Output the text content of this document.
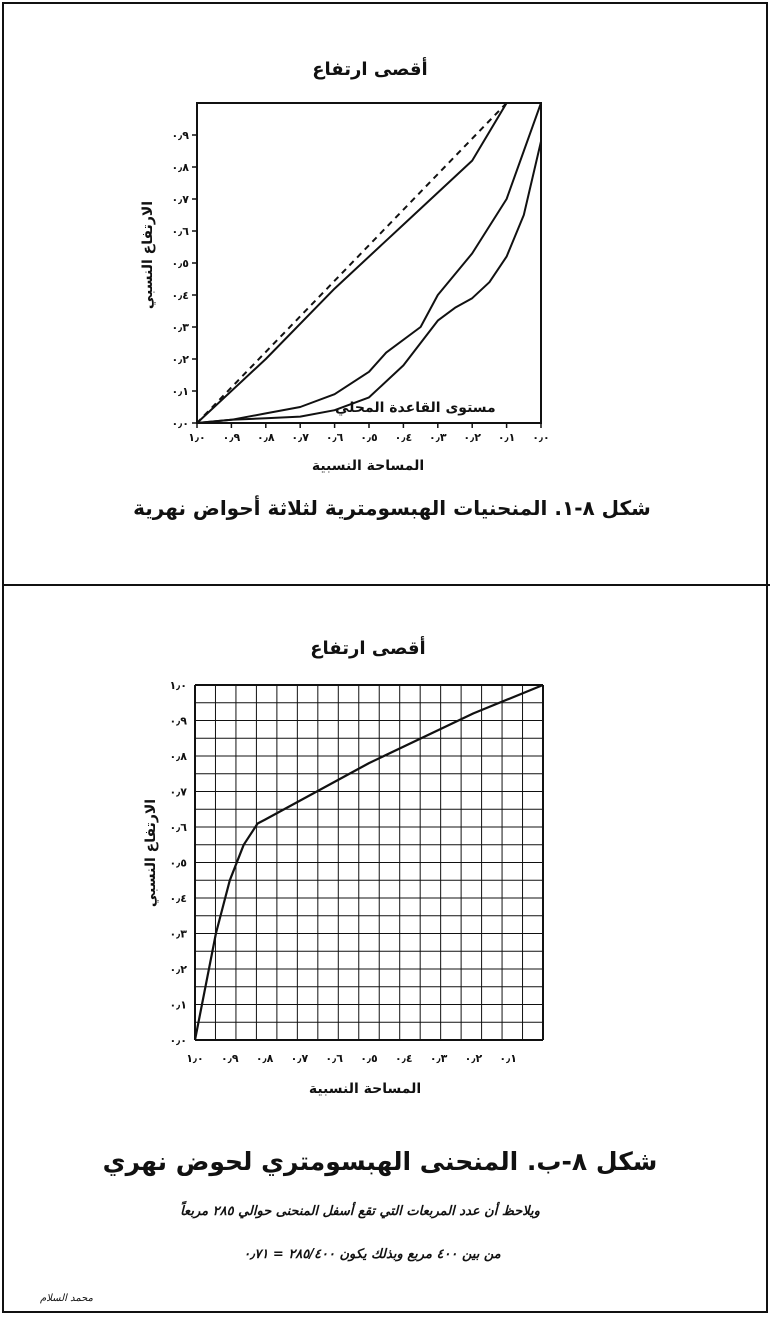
أقصى ارتفاع
١٫٠ ٠٫٩ ٠٫٨ ٠٫٧ ٠٫٦ ٠٫٥ ٠٫٤ ٠٫٣ ٠٫٢ ٠٫١ ٠٫٠
٠٫٠
٠٫١
٠٫٢
٠٫٣
٠٫٤
٠٫٥
٠٫٦
٠٫٧
٠٫٨
٠٫٩
مستوى القاعدة المحلي
المساحة النسبية
الارتفاع النسبي
شكل ٨-١. المنحنيات الهبسومترية لثلاثة أحواض نهرية
أقصى ارتفاع
١٫٠ ٠٫٩ ٠٫٨ ٠٫٧ ٠٫٦ ٠٫٥ ٠٫٤ ٠٫٣ ٠٫٢ ٠٫١
٠٫٠
٠٫١
٠٫٢
٠٫٣
٠٫٤
٠٫٥
٠٫٦
٠٫٧
٠٫٨
٠٫٩
١٫٠
المساحة النسبية
الارتفاع النسبي
شكل ٨-ب. المنحنى الهبسومتري لحوض نهري
ويلاحظ أن عدد المربعات التي تقع أسفل المنحنى حوالي ٢٨٥ مربعاً
من بين ٤٠٠ مربع وبذلك يكون ٢٨٥/٤٠٠ = ٠٫٧١
محمد السلام
